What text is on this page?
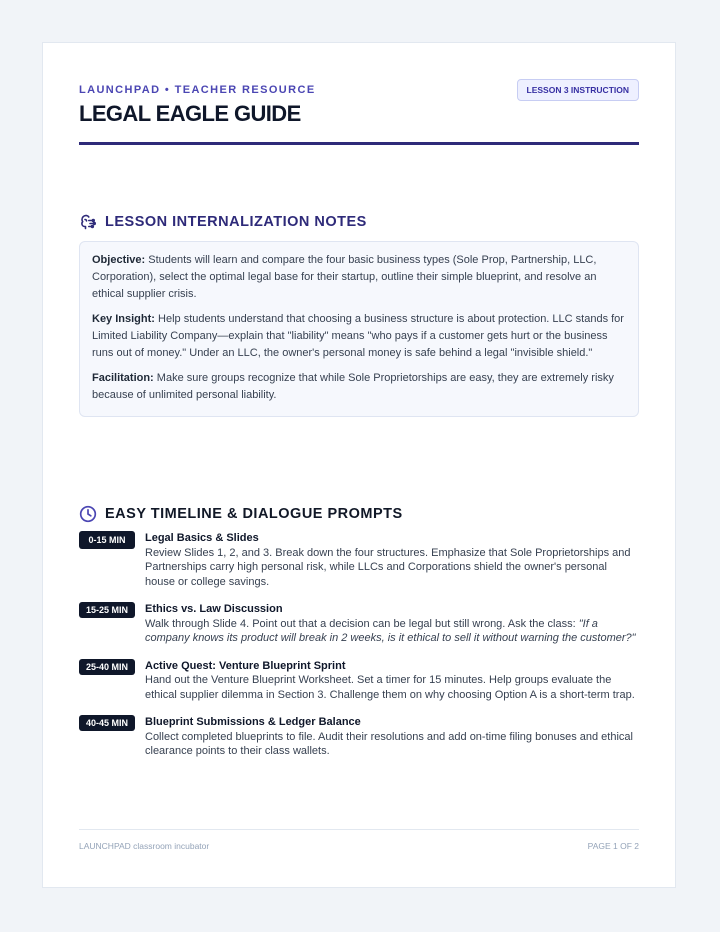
LAUNCHPAD • TEACHER RESOURCE
LEGAL EAGLE GUIDE
LESSON 3 INSTRUCTION
LESSON INTERNALIZATION NOTES

Objective: Students will learn and compare the four basic business types (Sole Prop, Partnership, LLC, Corporation), select the optimal legal base for their startup, outline their simple blueprint, and resolve an ethical supplier crisis.

Key Insight: Help students understand that choosing a business structure is about protection. LLC stands for Limited Liability Company—explain that "liability" means "who pays if a customer gets hurt or the business runs out of money." Under an LLC, the owner's personal money is safe behind a legal "invisible shield."

Facilitation: Make sure groups recognize that while Sole Proprietorships are easy, they are extremely risky because of unlimited personal liability.

EASY TIMELINE & DIALOGUE PROMPTS
0-15 MIN	Legal Basics & Slides
Review Slides 1, 2, and 3. Break down the four structures. Emphasize that Sole Proprietorships and Partnerships carry high personal risk, while LLCs and Corporations shield the owner's personal house or college savings.
15-25 MIN	Ethics vs. Law Discussion
Walk through Slide 4. Point out that a decision can be legal but still wrong. Ask the class: "If a company knows its product will break in 2 weeks, is it ethical to sell it without warning the customer?"
25-40 MIN	Active Quest: Venture Blueprint Sprint
Hand out the Venture Blueprint Worksheet. Set a timer for 15 minutes. Help groups evaluate the ethical supplier dilemma in Section 3. Challenge them on why choosing Option A is a short-term trap.
40-45 MIN	Blueprint Submissions & Ledger Balance
Collect completed blueprints to file. Audit their resolutions and add on-time filing bonuses and ethical clearance points to their class wallets.
LAUNCHPAD classroom incubator	PAGE 1 OF 2
